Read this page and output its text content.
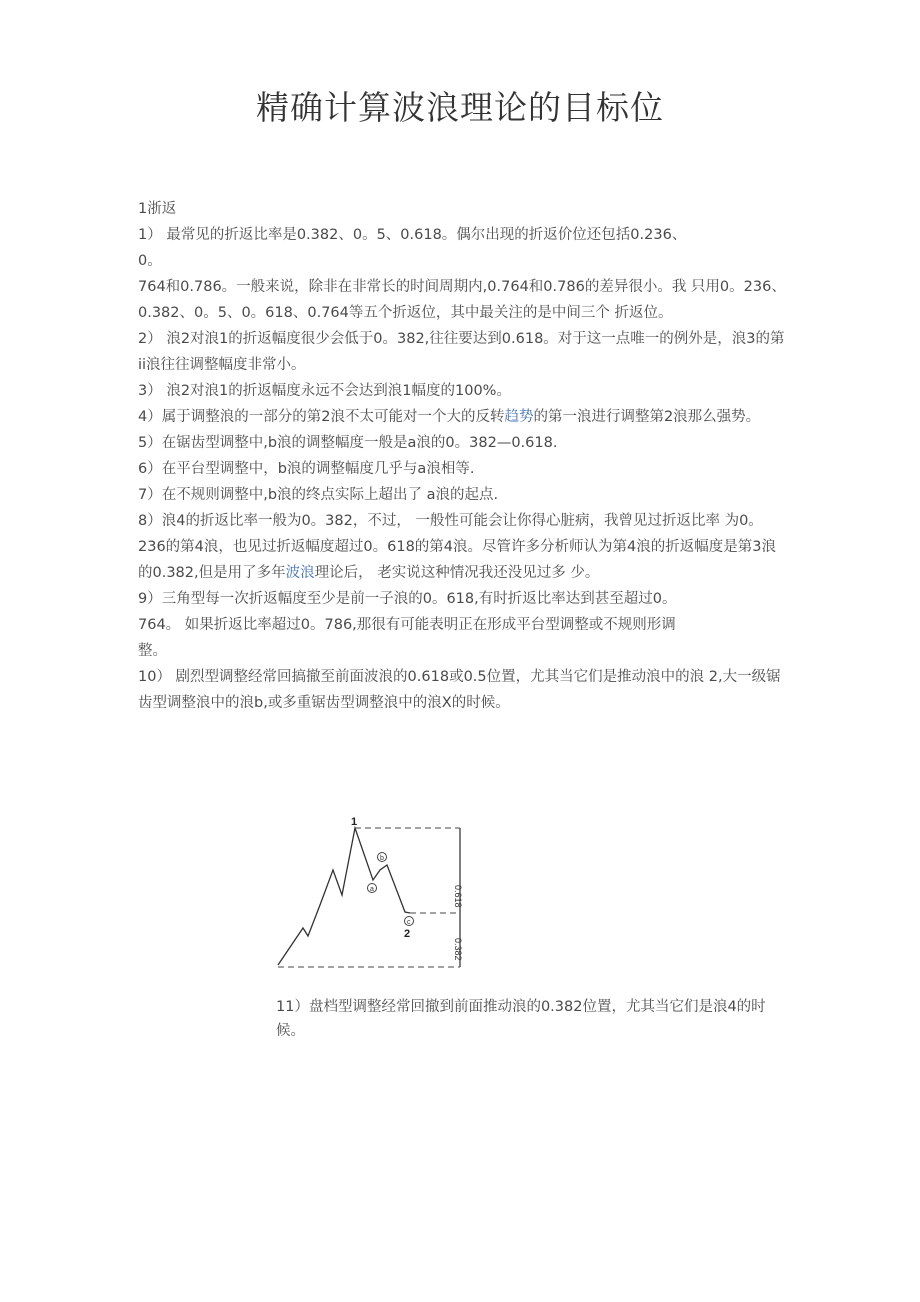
精确计算波浪理论的目标位

1浙返

1） 最常见的折返比率是0.382、0。5、0.618。偶尔出现的折返价位还包括0.236、

0。

764和0.786。一般来说，除非在非常长的时间周期内,0.764和0.786的差异很小。我 只用0。236、0.382、0。5、0。618、0.764等五个折返位，其中最关注的是中间三个 折返位。

2） 浪2对浪1的折返幅度很少会低于0。382,往往要达到0.618。对于这一点唯一的例外是，浪3的第ii浪往往调整幅度非常小。

3） 浪2对浪1的折返幅度永远不会达到浪1幅度的100%。

4）属于调整浪的一部分的第2浪不太可能对一个大的反转趋势的第一浪进行调整第2浪那么强势。

5）在锯齿型调整中,b浪的调整幅度一般是a浪的0。382—0.618.

6）在平台型调整中，b浪的调整幅度几乎与a浪相等.

7）在不规则调整中,b浪的终点实际上超出了 a浪的起点.

8）浪4的折返比率一般为0。382，不过， 一般性可能会让你得心脏病，我曾见过折返比率 为0。236的第4浪，也见过折返幅度超过0。618的第4浪。尽管许多分析师认为第4浪的折返幅度是第3浪的0.382,但是用了多年波浪理论后， 老实说这种情况我还没见过多 少。

9）三角型每一次折返幅度至少是前一子浪的0。618,有时折返比率达到甚至超过0。

764。 如果折返比率超过0。786,那很有可能表明正在形成平台型调整或不规则形调

整。

10） 剧烈型调整经常回搞撤至前面波浪的0.618或0.5位置，尤其当它们是推动浪中的浪 2,大一级锯齿型调整浪中的浪b,或多重锯齿型调整浪中的浪X的时候。

1
2
a
b
c
0.618
0.382
11）盘档型调整经常回撤到前面推动浪的0.382位置，尤其当它们是浪4的时候。
